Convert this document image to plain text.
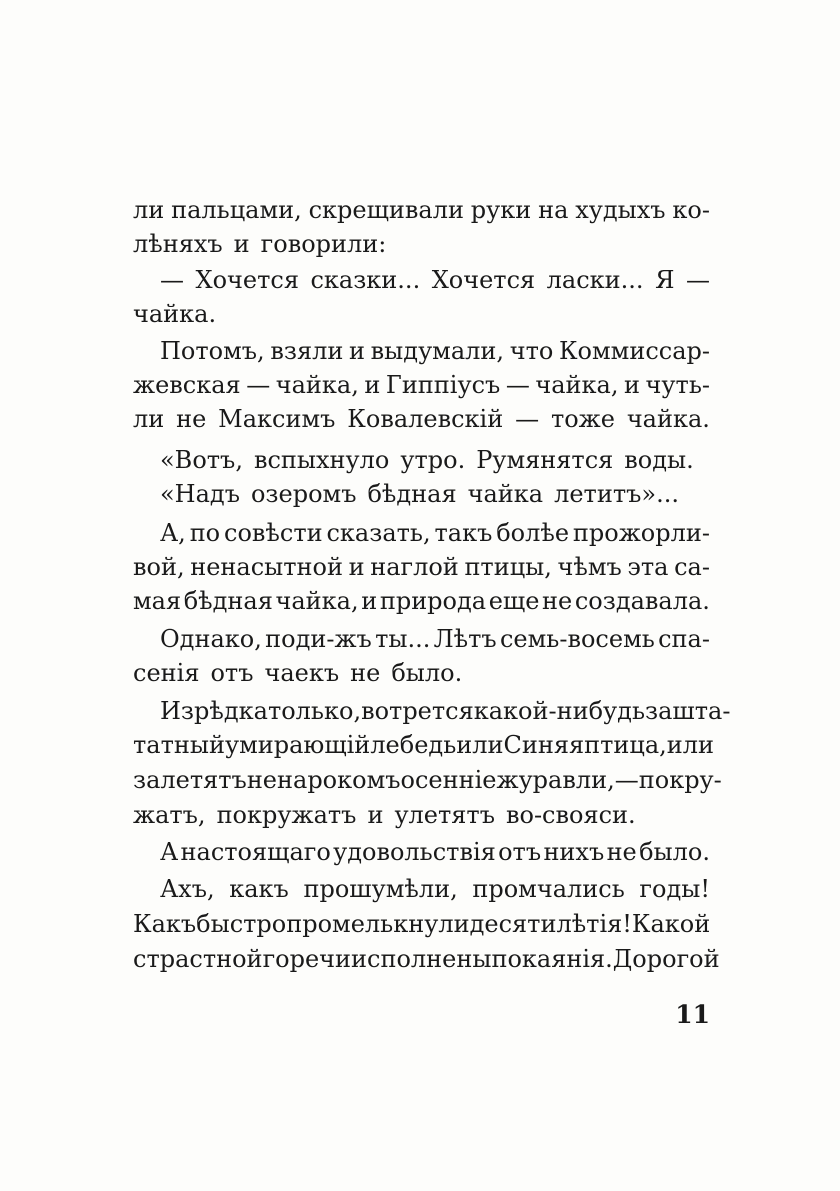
ли пальцами, скрещивали руки на худыхъ ко-
лѣняхъ и говорили:
— Хочется сказки... Хочется ласки... Я —
чайка.
Потомъ, взяли и выдумали, что Коммиссар-
жевская — чайка, и Гиппіусъ — чайка, и чуть-
ли не Максимъ Ковалевскій — тоже чайка.
«Вотъ, вспыхнуло утро. Румянятся воды.
«Надъ озеромъ бѣдная чайка летитъ»...
А, по совѣсти сказать, такъ болѣе прожорли-
вой, ненасытной и наглой птицы, чѣмъ эта са-
мая бѣдная чайка, и природа еще не создавала.
Однако, поди-жъ ты... Лѣтъ семь-восемь спа-
сенія отъ чаекъ не было.
Изрѣдка только, вотрется какой-нибудь зашта-
татный умирающій лебедь или Синяя птица, или
залетятъ ненарокомъ осенніе журавли, — покру-
жатъ, покружатъ и улетятъ во-свояси.
А настоящаго удовольствія отъ нихъ не было.
Ахъ, какъ прошумѣли, промчались годы!
Какъ быстро промелькнули десятилѣтія! Какой
страстной горечи исполнены покаянія. Дорогой
11
